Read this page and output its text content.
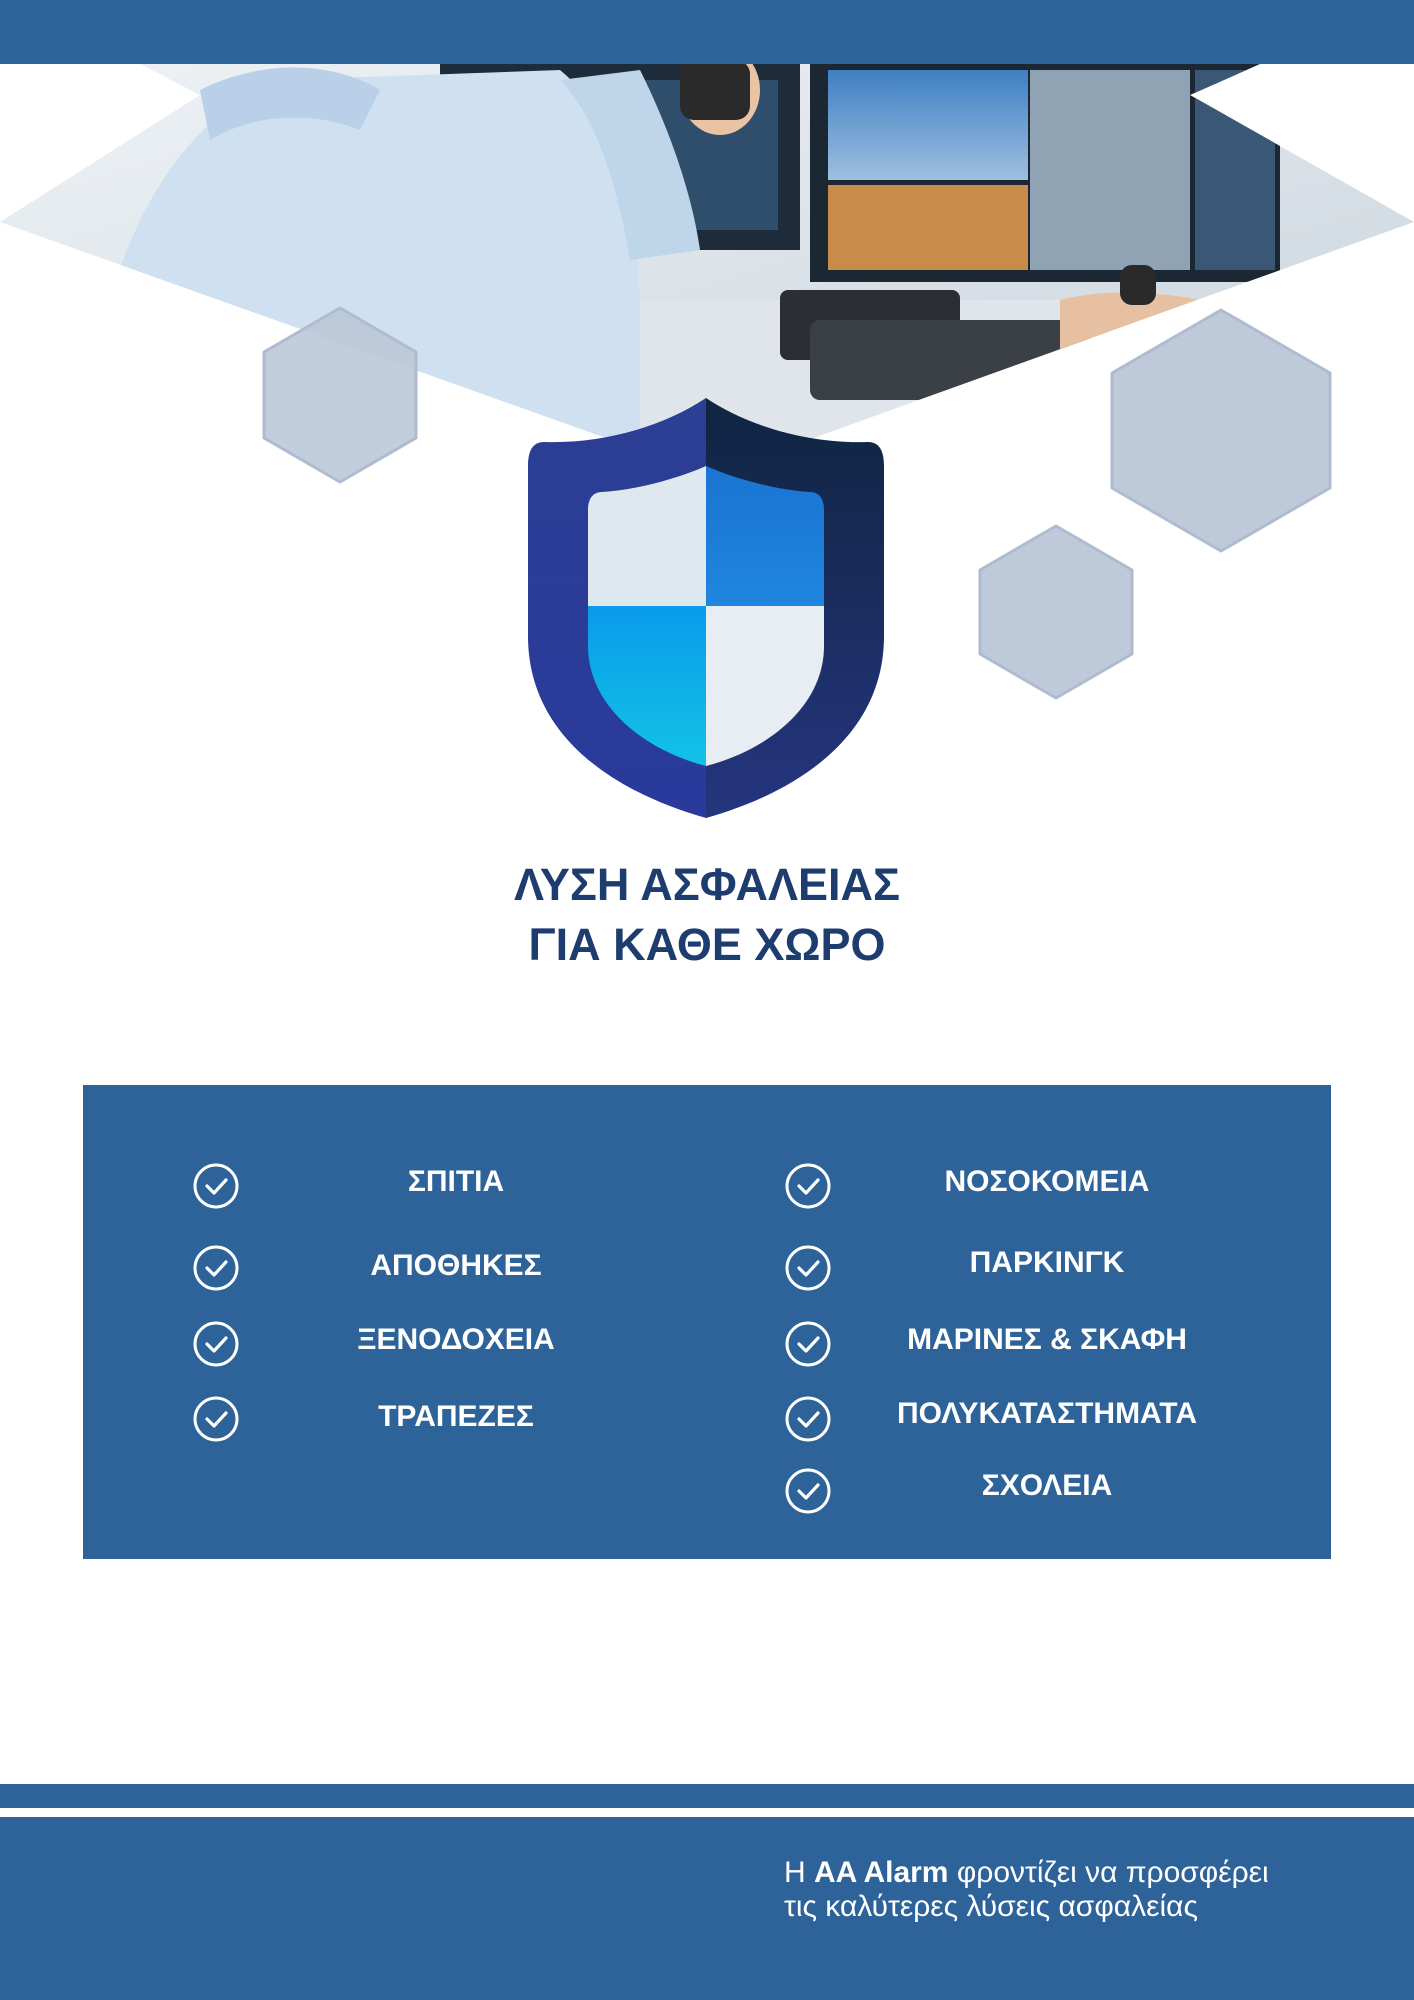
ΛΥΣΗ ΑΣΦΑΛΕΙΑΣ
ΓΙΑ ΚΑΘΕ ΧΩΡΟ
ΣΠΙΤΙΑ
ΑΠΟΘΗΚΕΣ
ΞΕΝΟΔΟΧΕΙΑ
ΤΡΑΠΕΖΕΣ
ΝΟΣΟΚΟΜΕΙΑ
ΠΑΡΚΙΝΓΚ
ΜΑΡΙΝΕΣ & ΣΚΑΦΗ
ΠΟΛΥΚΑΤΑΣΤΗΜΑΤΑ
ΣΧΟΛΕΙΑ
Η AA Alarm φροντίζει να προσφέρει
τις καλύτερες λύσεις ασφαλείας
